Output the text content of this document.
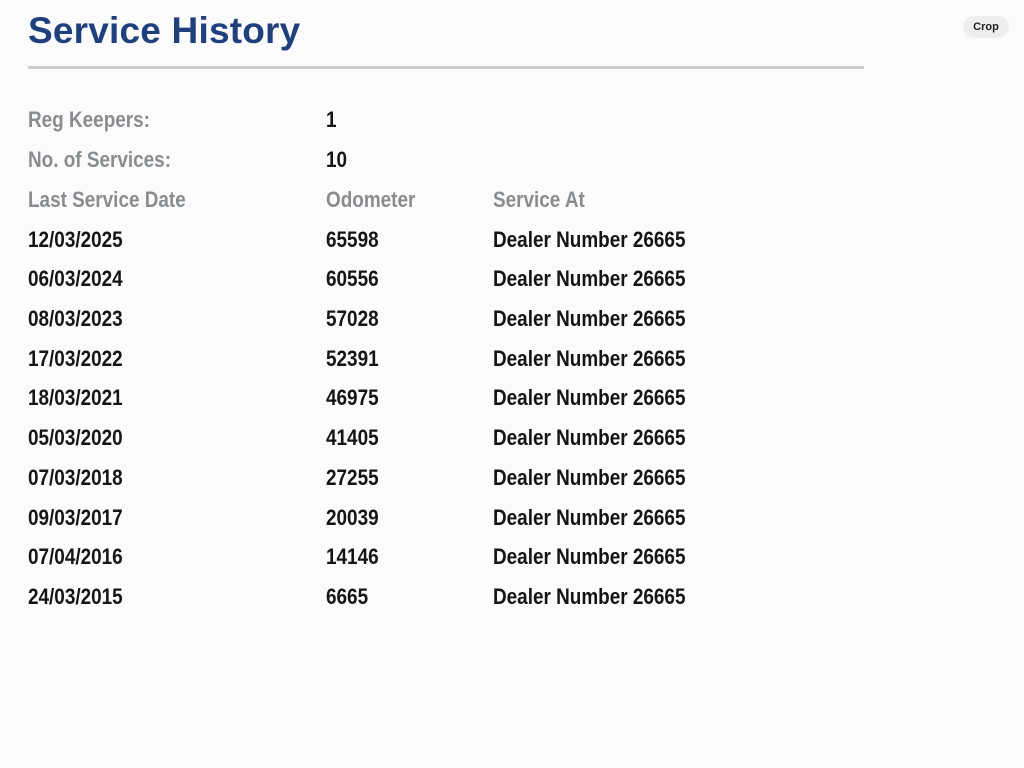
Service History	Crop
Reg Keepers:	1
No. of Services:	10
Last Service Date	Odometer	Service At
12/03/2025	65598	Dealer Number 26665
06/03/2024	60556	Dealer Number 26665
08/03/2023	57028	Dealer Number 26665
17/03/2022	52391	Dealer Number 26665
18/03/2021	46975	Dealer Number 26665
05/03/2020	41405	Dealer Number 26665
07/03/2018	27255	Dealer Number 26665
09/03/2017	20039	Dealer Number 26665
07/04/2016	14146	Dealer Number 26665
24/03/2015	6665	Dealer Number 26665
